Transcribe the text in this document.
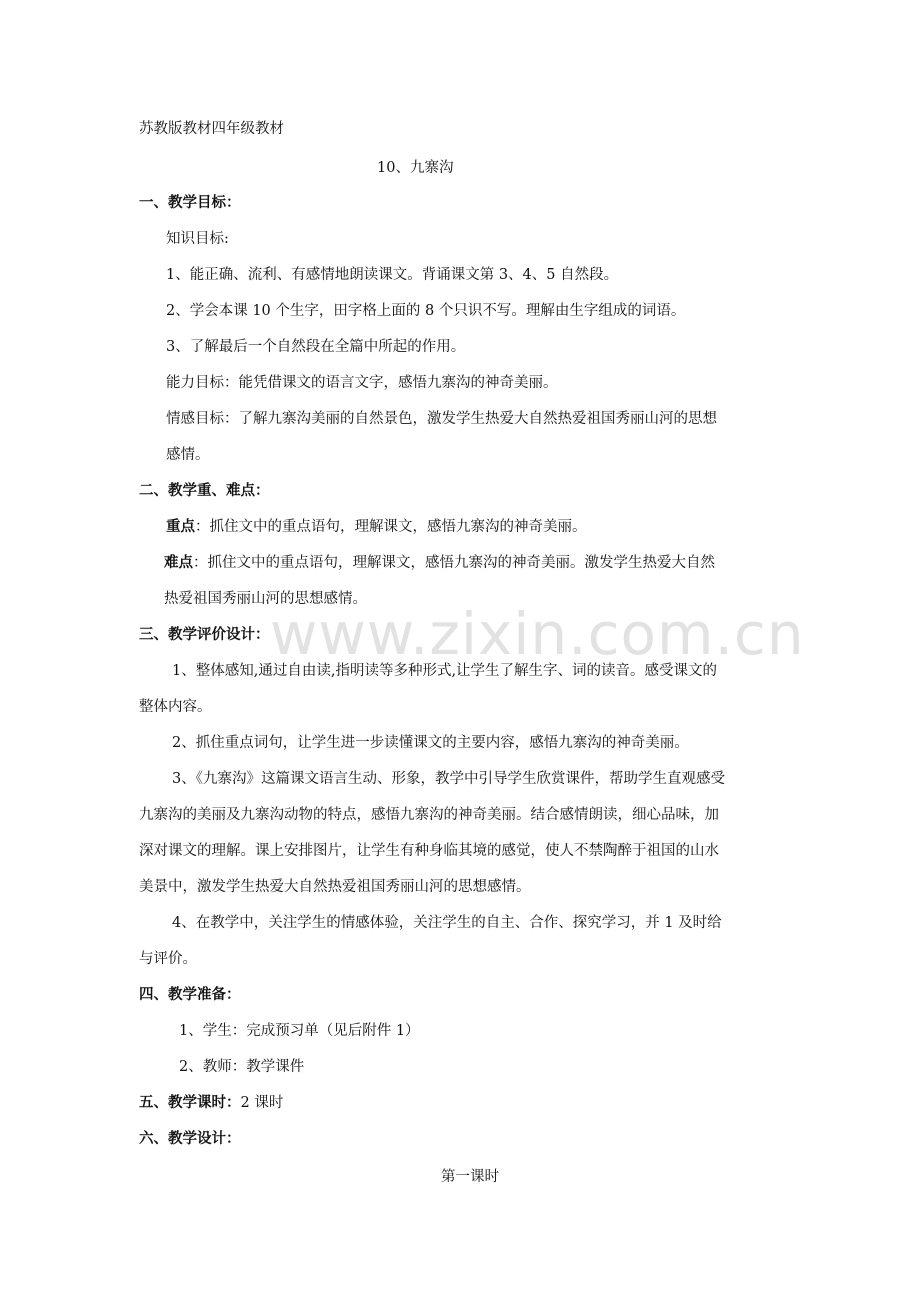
www.zixin.com.cn

苏教版教材四年级教材

10、九寨沟

一、教学目标：

知识目标:

1、能正确、流利、有感情地朗读课文。背诵课文第 3、4、5 自然段。

2、学会本课 10 个生字，田字格上面的 8 个只识不写。理解由生字组成的词语。

3、了解最后一个自然段在全篇中所起的作用。

能力目标：能凭借课文的语言文字，感悟九寨沟的神奇美丽。

情感目标：了解九寨沟美丽的自然景色，激发学生热爱大自然热爱祖国秀丽山河的思想

感情。

二、教学重、难点：

重点：抓住文中的重点语句，理解课文，感悟九寨沟的神奇美丽。

难点：抓住文中的重点语句，理解课文，感悟九寨沟的神奇美丽。激发学生热爱大自然

热爱祖国秀丽山河的思想感情。

三、教学评价设计：

1、整体感知,通过自由读,指明读等多种形式,让学生了解生字、词的读音。感受课文的

整体内容。

2、抓住重点词句，让学生进一步读懂课文的主要内容，感悟九寨沟的神奇美丽。

3、《九寨沟》这篇课文语言生动、形象，教学中引导学生欣赏课件，帮助学生直观感受

九寨沟的美丽及九寨沟动物的特点，感悟九寨沟的神奇美丽。结合感情朗读，细心品味，加

深对课文的理解。课上安排图片，让学生有种身临其境的感觉，使人不禁陶醉于祖国的山水

美景中，激发学生热爱大自然热爱祖国秀丽山河的思想感情。

4、在教学中，关注学生的情感体验，关注学生的自主、合作、探究学习，并 1 及时给

与评价。

四、教学准备：

1、学生：完成预习单（见后附件 1）

2、教师：教学课件

五、教学课时：2 课时

六、教学设计：

第一课时
